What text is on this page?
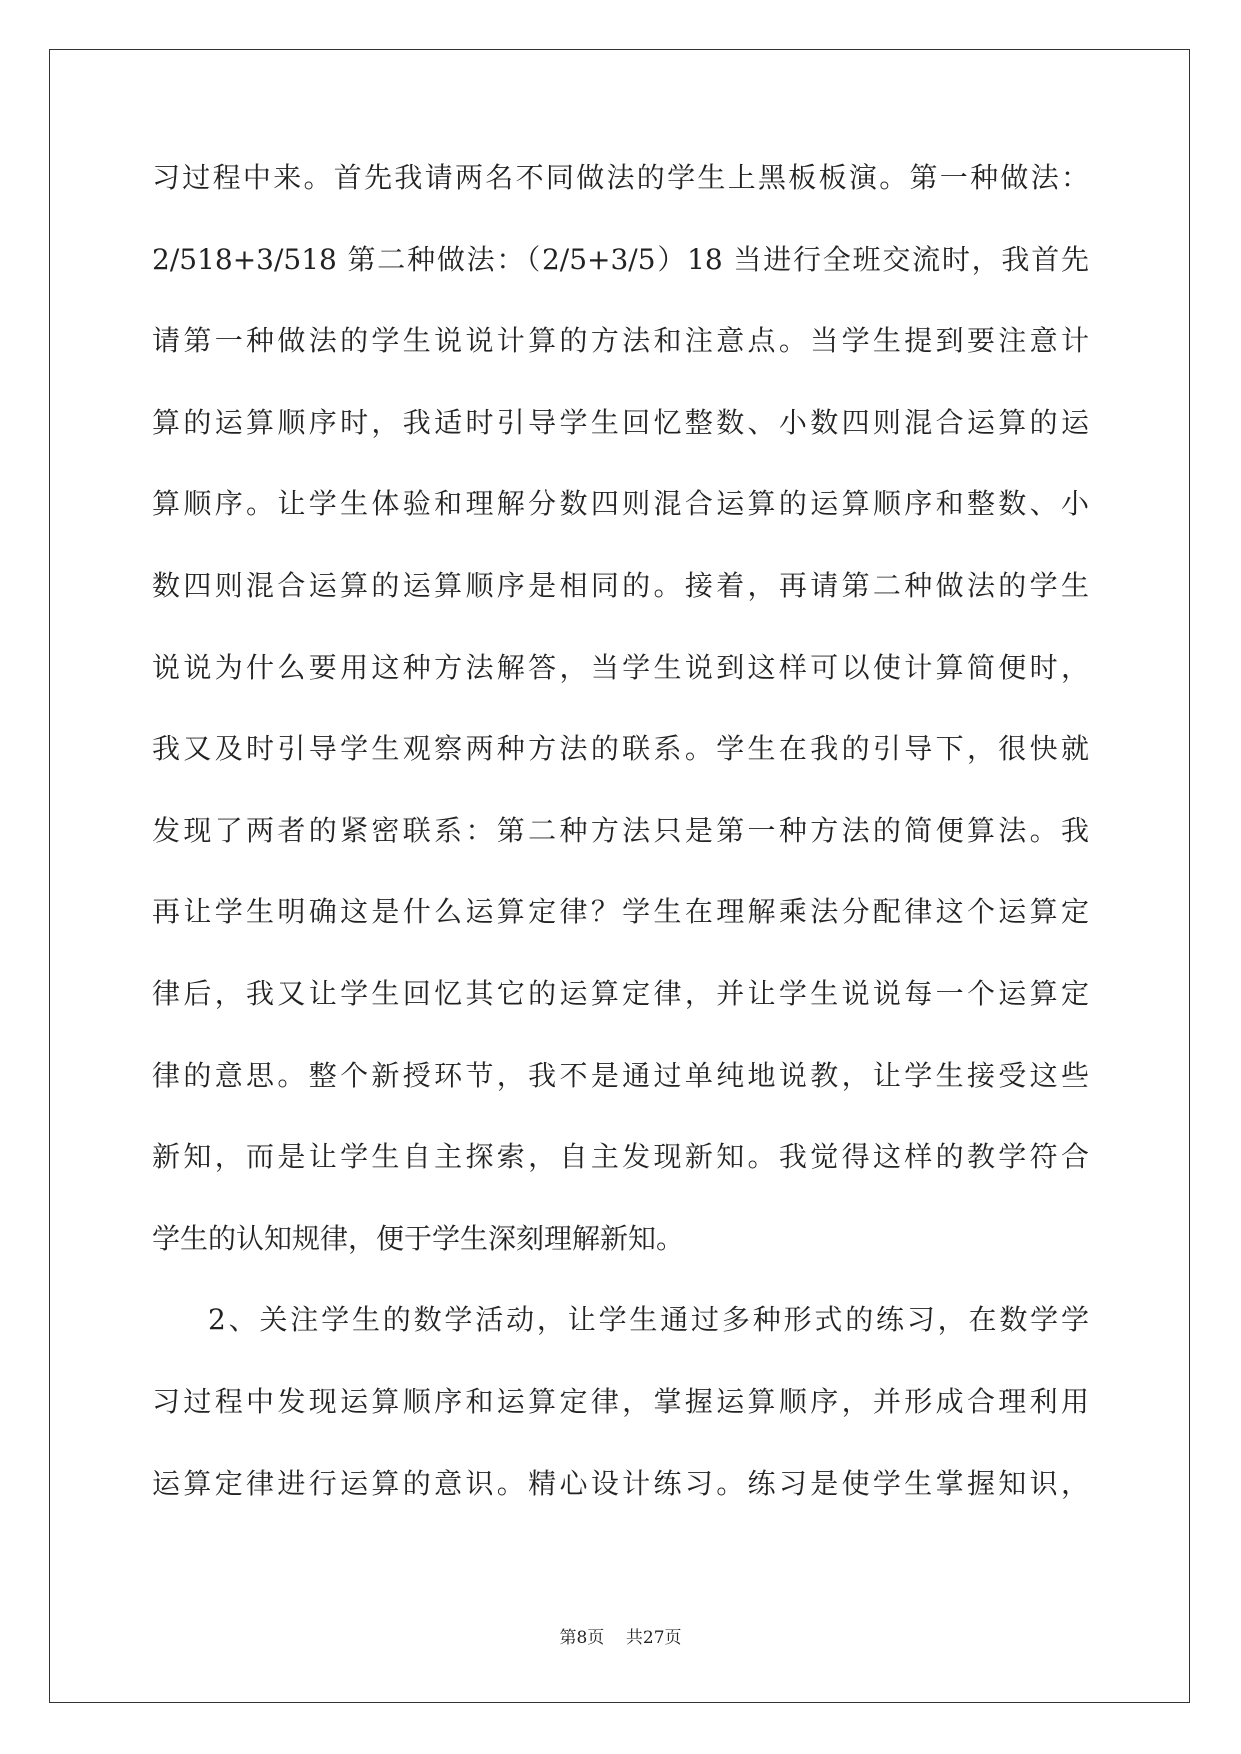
习过程中来。首先我请两名不同做法的学生上黑板板演。第一种做法：
2/518+3/518 第二种做法：（2/5+3/5）18 当进行全班交流时，我首先
请第一种做法的学生说说计算的方法和注意点。当学生提到要注意计
算的运算顺序时，我适时引导学生回忆整数、小数四则混合运算的运
算顺序。让学生体验和理解分数四则混合运算的运算顺序和整数、小
数四则混合运算的运算顺序是相同的。接着，再请第二种做法的学生
说说为什么要用这种方法解答，当学生说到这样可以使计算简便时，
我又及时引导学生观察两种方法的联系。学生在我的引导下，很快就
发现了两者的紧密联系：第二种方法只是第一种方法的简便算法。我
再让学生明确这是什么运算定律？学生在理解乘法分配律这个运算定
律后，我又让学生回忆其它的运算定律，并让学生说说每一个运算定
律的意思。整个新授环节，我不是通过单纯地说教，让学生接受这些
新知，而是让学生自主探索，自主发现新知。我觉得这样的教学符合
学生的认知规律，便于学生深刻理解新知。
2、关注学生的数学活动，让学生通过多种形式的练习，在数学学
习过程中发现运算顺序和运算定律，掌握运算顺序，并形成合理利用
运算定律进行运算的意识。精心设计练习。练习是使学生掌握知识，
第8页 共27页
